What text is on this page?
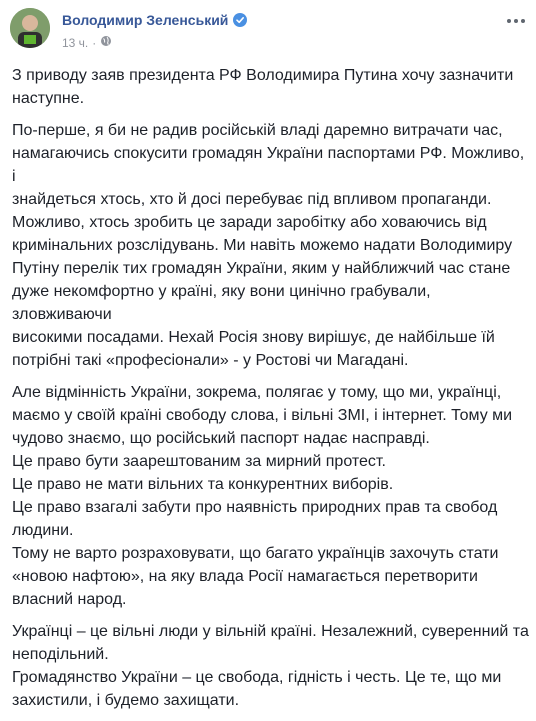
Володимир Зеленський
13 ч. ·

З приводу заяв президента РФ Володимира Путина хочу зазначити
наступне.

По-перше, я би не радив російській владі даремно витрачати час,
намагаючись спокусити громадян України паспортами РФ. Можливо, і
знайдеться хтось, хто й досі перебуває під впливом пропаганди.
Можливо, хтось зробить це заради заробітку або ховаючись від
кримінальних розслідувань. Ми навіть можемо надати Володимиру
Путіну перелік тих громадян України, яким у найближчий час стане
дуже некомфортно у країні, яку вони цинічно грабували, зловживаючи
високими посадами. Нехай Росія знову вирішує, де найбільше їй
потрібні такі «професіонали» - у Ростові чи Магадані.

Але відмінність України, зокрема, полягає у тому, що ми, українці,
маємо у своїй країні свободу слова, і вільні ЗМІ, і інтернет. Тому ми
чудово знаємо, що російський паспорт надає насправді.
Це право бути заарештованим за мирний протест.
Це право не мати вільних та конкурентних виборів.
Це право взагалі забути про наявність природних прав та свобод
людини.
Тому не варто розраховувати, що багато українців захочуть стати
«новою нафтою», на яку влада Росії намагається перетворити
власний народ.

Українці – це вільні люди у вільній країні. Незалежний, суверенний та
неподільний.
Громадянство України – це свобода, гідність і честь. Це те, що ми
захистили, і будемо захищати.
